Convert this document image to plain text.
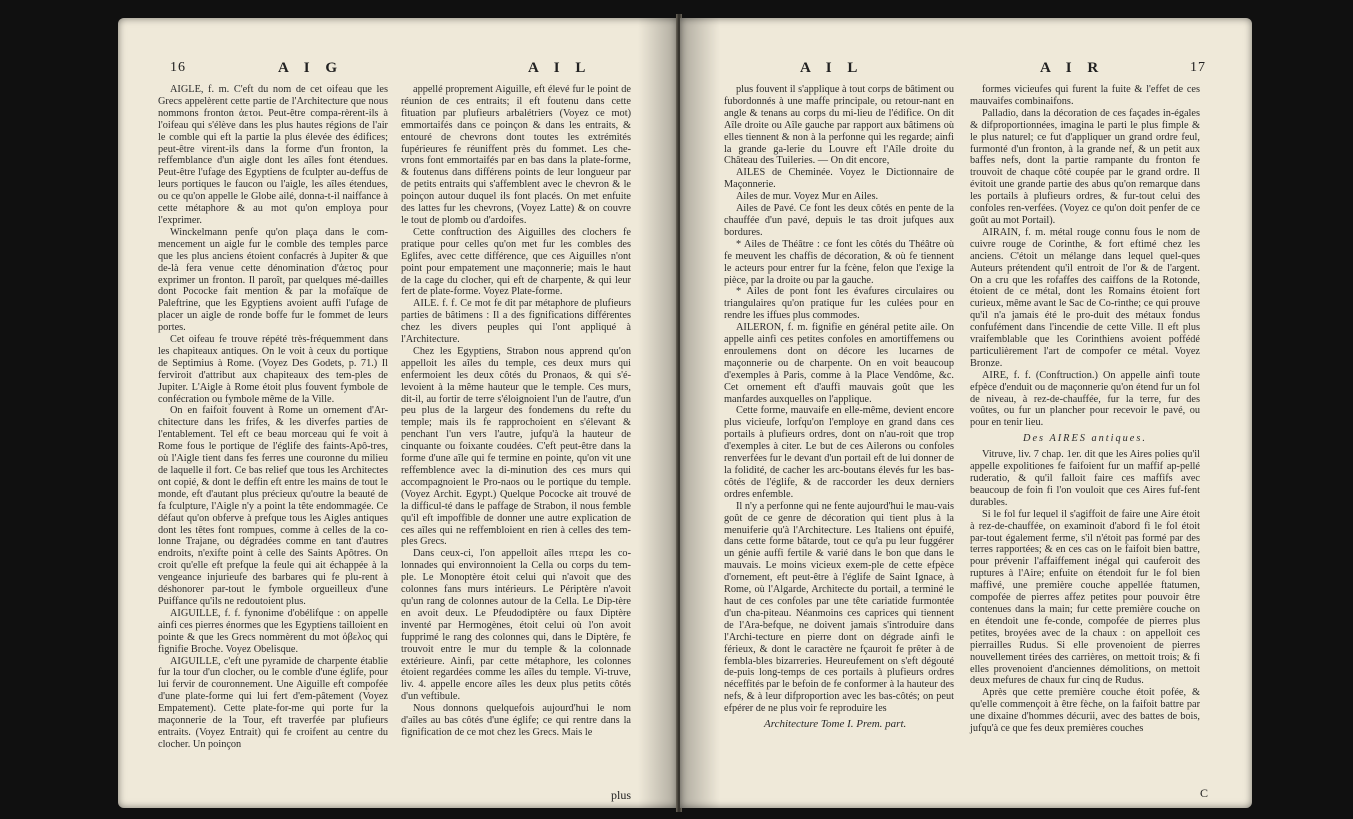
16	A I G	A I L

AIGLE, f. m. C'eft du nom de cet oifeau que les Grecs appelèrent cette partie de l'Architecture que nous nommons fronton ἀετοι. Peut-être compa-rèrent-ils à l'oifeau qui s'élève dans les plus hautes régions de l'air le comble qui eft la partie la plus élevée des édifices; peut-être virent-ils dans la forme d'un fronton, la reffemblance d'un aigle dont les aîles font étendues. Peut-être l'ufage des Egyptiens de fculpter au-deffus de leurs portiques le faucon ou l'aigle, les aîles étendues, ou ce qu'on appelle le Globe ailé, donna-t-il naiffance à cette métaphore & au mot qu'on employa pour l'exprimer.

Winckelmann penfe qu'on plaça dans le com-mencement un aigle fur le comble des temples parce que les plus anciens étoient confacrés à Jupiter & que de-là fera venue cette dénomination d'ἀετος pour exprimer un fronton. Il paroît, par quelques mé-dailles dont Pococke fait mention & par la mofaïque de Paleftrine, que les Egyptiens avoient auffi l'ufage de placer un aigle de ronde boffe fur le fommet de leurs portes.

Cet oifeau fe trouve répété très-fréquemment dans les chapiteaux antiques. On le voit à ceux du portique de Septimius à Rome. (Voyez Des Godets, p. 71.) Il ferviroit d'attribut aux chapiteaux des tem-ples de Jupiter. L'Aigle à Rome étoit plus fouvent fymbole de confécration ou fymbole même de la Ville.

On en faifoit fouvent à Rome un ornement d'Ar-chitecture dans les frifes, & les diverfes parties de l'entablement. Tel eft ce beau morceau qui fe voit à Rome fous le portique de l'églife des faints-Apô-tres, où l'Aigle tient dans fes ferres une couronne du milieu de laquelle il fort. Ce bas relief que tous les Architectes ont copié, & dont le deffin eft entre les mains de tout le monde, eft d'autant plus précieux qu'outre la beauté de fa fculpture, l'Aigle n'y a point la tête endommagée. Ce défaut qu'on obferve à prefque tous les Aigles antiques dont les têtes font rompues, comme à celles de la co-lonne Trajane, ou dégradées comme en tant d'autres endroits, n'exifte point à celle des Saints Apôtres. On croit qu'elle eft prefque la feule qui ait échappée à la vengeance injurieufe des barbares qui fe plu-rent à déshonorer par-tout le fymbole orgueilleux d'une Puiffance qu'ils ne redoutoient plus.

AIGUILLE, f. f. fynonime d'obélifque : on appelle ainfi ces pierres énormes que les Egyptiens tailloient en pointe & que les Grecs nommèrent du mot ὀβελος qui fignifie Broche. Voyez Obelisque.

AIGUILLE, c'eft une pyramide de charpente établie fur la tour d'un clocher, ou le comble d'une églife, pour lui fervir de couronnement. Une Aiguille eft compofée d'une plate-forme qui lui fert d'em-pâtement (Voyez Empatement). Cette plate-for-me qui porte fur la maçonnerie de la Tour, eft traverfée par plufieurs entraits. (Voyez Entrait) qui fe croifent au centre du clocher. Un poinçon

appellé proprement Aiguille, eft élevé fur le point de réunion de ces entraits; il eft foutenu dans cette fituation par plufieurs arbalétriers (Voyez ce mot) emmortaifés dans ce poinçon & dans les entraits, & entouré de chevrons dont toutes les extrémités fupérieures fe réuniffent près du fommet. Les che-vrons font emmortaifés par en bas dans la plate-forme, & foutenus dans différens points de leur longueur par de petits entraits qui s'affemblent avec le chevron & le poinçon autour duquel ils font placés. On met enfuite des lattes fur les chevrons, (Voyez Latte) & on couvre le tout de plomb ou d'ardoifes.

Cette conftruction des Aiguilles des clochers fe pratique pour celles qu'on met fur les combles des Eglifes, avec cette différence, que ces Aiguilles n'ont point pour empatement une maçonnerie; mais le haut de la cage du clocher, qui eft de charpente, & qui leur fert de plate-forme. Voyez Plate-forme.

AILE. f. f. Ce mot fe dit par métaphore de plufieurs parties de bâtimens : Il a des fignifications différentes chez les divers peuples qui l'ont appliqué à l'Architecture.

Chez les Egyptiens, Strabon nous apprend qu'on appelloit les aîles du temple, ces deux murs qui enfermoient les deux côtés du Pronaos, & qui s'é-levoient à la même hauteur que le temple. Ces murs, dit-il, au fortir de terre s'éloignoient l'un de l'autre, d'un peu plus de la largeur des fondemens du refte du temple; mais ils fe rapprochoient en s'élevant & penchant l'un vers l'autre, jufqu'à la hauteur de cinquante ou foixante coudées. C'eft peut-être dans la forme d'une aîle qui fe termine en pointe, qu'on vit une reffemblence avec la di-minution des ces murs qui accompagnoient le Pro-naos ou le portique du temple. (Voyez Archit. Egypt.) Quelque Pococke ait trouvé de la difficul-té dans le paffage de Strabon, il nous femble qu'il eft impoffible de donner une autre explication de ces aîles qui ne reffembloient en rien à celles des tem-ples Grecs.

Dans ceux-ci, l'on appelloit aîles πτερα les co-lonnades qui environnoient la Cella ou corps du tem-ple. Le Monoptère étoit celui qui n'avoit que des colonnes fans murs intérieurs. Le Périptère n'avoit qu'un rang de colonnes autour de la Cella. Le Dip-tère en avoit deux. Le Pfeudodiptère ou faux Diptère inventé par Hermogènes, étoit celui où l'on avoit fupprimé le rang des colonnes qui, dans le Diptère, fe trouvoit entre le mur du temple & la colonnade extérieure. Ainfi, par cette métaphore, les colonnes étoient regardées comme les aîles du temple. Vi-truve, liv. 4. appelle encore aîles les deux plus petits côtés d'un veftibule.

Nous donnons quelquefois aujourd'hui le nom d'aîles au bas côtés d'une églife; ce qui rentre dans la fignification de ce mot chez les Grecs. Mais le

plus
A I L	A I R	17

plus fouvent il s'applique à tout corps de bâtiment ou fubordonnés à une maffe principale, ou retour-nant en angle & tenans au corps du mi-lieu de l'édifice. On dit Aîle droite ou Aîle gauche par rapport aux bâtimens où elles tiennent & non à la perfonne qui les regarde; ainfi la grande ga-lerie du Louvre eft l'Aîle droite du Château des Tuileries. — On dit encore,

AILES de Cheminée. Voyez le Dictionnaire de Maçonnerie.

Ailes de mur. Voyez Mur en Ailes.

Ailes de Pavé. Ce font les deux côtés en pente de la chauffée d'un pavé, depuis le tas droit jufques aux bordures.

* Ailes de Théâtre : ce font les côtés du Théâtre où fe meuvent les chaffis de décoration, & où fe tiennent le acteurs pour entrer fur la fcène, felon que l'exige la pièce, par la droite ou par la gauche.

* Ailes de pont font les évafures circulaires ou triangulaires qu'on pratique fur les culées pour en rendre les iffues plus commodes.

AILERON, f. m. fignifie en général petite aile. On appelle ainfi ces petites confoles en amortiffemens ou enroulemens dont on décore les lucarnes de maçonnerie ou de charpente. On en voit beaucoup d'exemples à Paris, comme à la Place Vendôme, &c. Cet ornement eft d'auffi mauvais goût que les manfardes auxquelles on l'applique.

Cette forme, mauvaife en elle-même, devient encore plus vicieufe, lorfqu'on l'employe en grand dans ces portails à plufieurs ordres, dont on n'au-roit que trop d'exemples à citer. Le but de ces Ailerons ou confoles renverfées fur le devant d'un portail eft de lui donner de la folidité, de cacher les arc-boutans élevés fur les bas-côtés de l'églife, & de raccorder les deux derniers ordres enfemble.

Il n'y a perfonne qui ne fente aujourd'hui le mau-vais goût de ce genre de décoration qui tient plus à la menuiferie qu'à l'Architecture. Les Italiens ont épuifé, dans cette forme bâtarde, tout ce qu'a pu leur fuggérer un génie auffi fertile & varié dans le bon que dans le mauvais. Le moins vicieux exem-ple de cette efpèce d'ornement, eft peut-être à l'églife de Saint Ignace, à Rome, où l'Algarde, Architecte du portail, a terminé le haut de ces confoles par une tête cariatide furmontée d'un cha-piteau. Néanmoins ces caprices qui tiennent de l'Ara-befque, ne doivent jamais s'introduire dans l'Archi-tecture en pierre dont on dégrade ainfi le férieux, & dont le caractère ne fçauroit fe prêter à de fembla-bles bizarreries. Heureufement on s'eft dégouté de-puis long-temps de ces portails à plufieurs ordres néceffités par le befoin de fe conformer à la hauteur des nefs, & à leur difproportion avec les bas-côtés; on peut efpérer de ne plus voir fe reproduire les

Architecture Tome I. Prem. part.

formes vicieufes qui furent la fuite & l'effet de ces mauvaifes combinaifons.

Palladio, dans la décoration de ces façades in-égales & difproportionnées, imagina le parti le plus fimple & le plus naturel; ce fut d'appliquer un grand ordre feul, furmonté d'un fronton, à la grande nef, & un petit aux baffes nefs, dont la partie rampante du fronton fe trouvoit de chaque côté coupée par le grand ordre. Il évitoit une grande partie des abus qu'on remarque dans les portails à plufieurs ordres, & fur-tout celui des confoles ren-verfées. (Voyez ce qu'on doit penfer de ce goût au mot Portail).

AIRAIN, f. m. métal rouge connu fous le nom de cuivre rouge de Corinthe, & fort eftimé chez les anciens. C'étoit un mélange dans lequel quel-ques Auteurs prétendent qu'il entroit de l'or & de l'argent. On a cru que les rofaffes des caiffons de la Rotonde, étoient de ce métal, dont les Romains étoient fort curieux, même avant le Sac de Co-rinthe; ce qui prouve qu'il n'a jamais été le pro-duit des métaux fondus confufément dans l'incendie de cette Ville. Il eft plus vraifemblable que les Corinthiens avoient poffédé particulièrement l'art de compofer ce métal. Voyez Bronze.

AIRE, f. f. (Conftruction.) On appelle ainfi toute efpèce d'enduit ou de maçonnerie qu'on étend fur un fol de niveau, à rez-de-chauffée, fur la terre, fur des voûtes, ou fur un plancher pour recevoir le pavé, ou pour en tenir lieu.

Des AIRES antiques.

Vitruve, liv. 7 chap. 1er. dit que les Aires polies qu'il appelle expolitiones fe faifoient fur un maffif ap-pellé ruderatio, & qu'il falloit faire ces maffifs avec beaucoup de foin fi l'on vouloit que ces Aires fuf-fent durables.

Si le fol fur lequel il s'agiffoit de faire une Aire étoit à rez-de-chauffée, on examinoit d'abord fi le fol étoit par-tout également ferme, s'il n'étoit pas formé par des terres rapportées; & en ces cas on le faifoit bien battre, pour prévenir l'affaiffement inégal qui cauferoit des ruptures à l'Aire; enfuite on étendoit fur le fol bien maffivé, une première couche appellée ftatumen, compofée de pierres affez petites pour pouvoir être contenues dans la main; fur cette première couche on en étendoit une fe-conde, compofée de pierres plus petites, broyées avec de la chaux : on appelloit ces pierrailles Rudus. Si elle provenoient de pierres nouvellement tirées des carrières, on mettoit trois; & fi elles provenoient d'anciennes démolitions, on mettoit deux mefures de chaux fur cinq de Rudus.

Après que cette première couche étoit pofée, & qu'elle commençoit à être fèche, on la faifoit battre par une dixaine d'hommes décurii, avec des battes de bois, jufqu'à ce que fes deux premières couches

C
